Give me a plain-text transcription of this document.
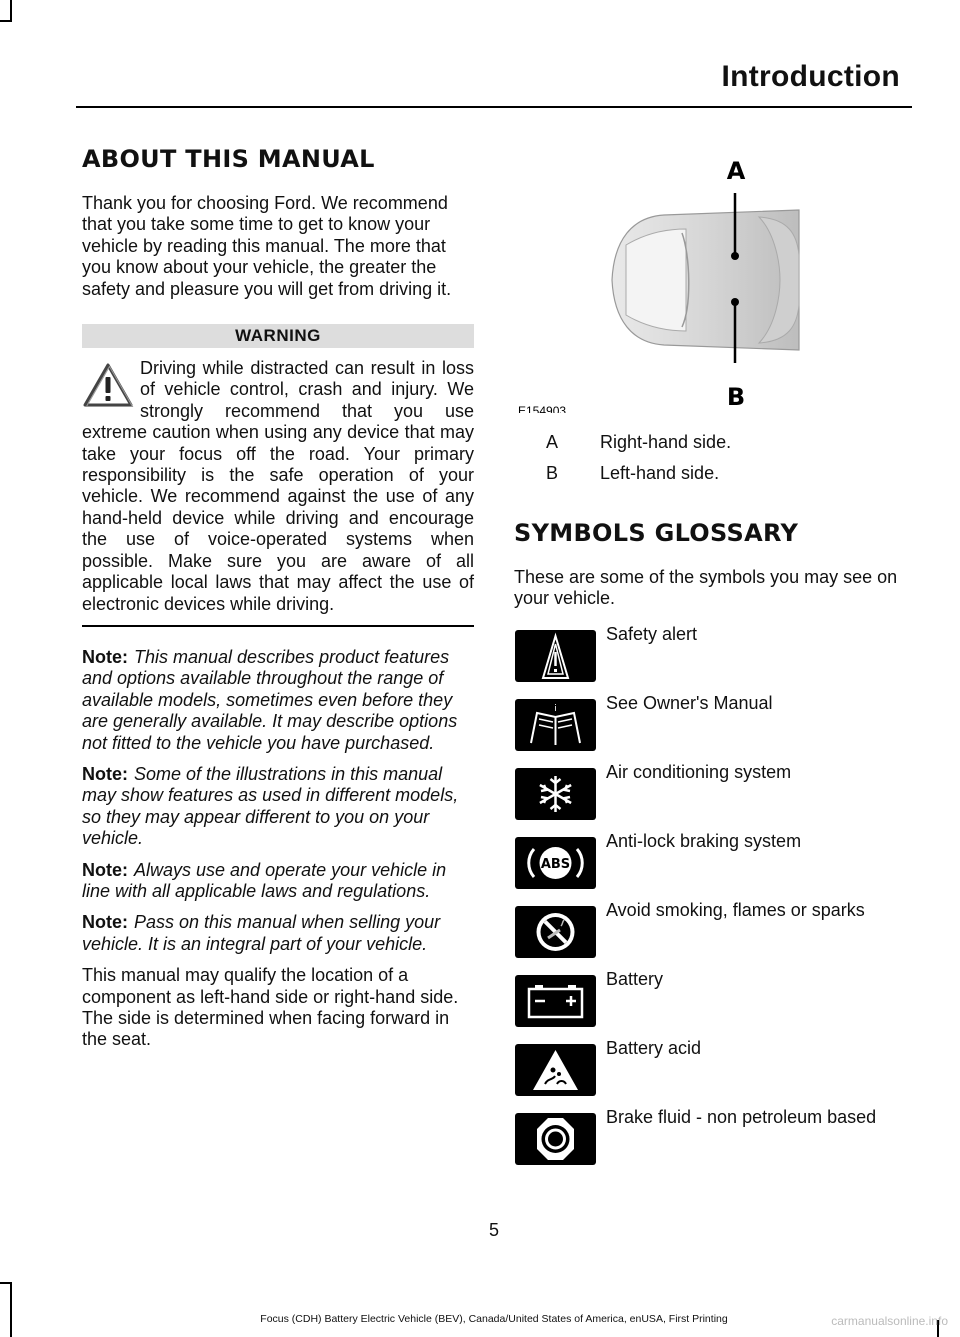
Introduction
ABOUT THIS MANUAL

Thank you for choosing Ford. We recommend that you take some time to get to know your vehicle by reading this manual. The more that you know about your vehicle, the greater the safety and pleasure you will get from driving it.

WARNING
Driving while distracted can result in loss of vehicle control, crash and injury. We strongly recommend that you use extreme caution when using any device that may take your focus off the road. Your primary responsibility is the safe operation of your vehicle. We recommend against the use of any hand-held device while driving and encourage the use of voice-operated systems when possible. Make sure you are aware of all applicable local laws that may affect the use of electronic devices while driving.
Note: This manual describes product features and options available throughout the range of available models, sometimes even before they are generally available. It may describe options not fitted to the vehicle you have purchased.
Note: Some of the illustrations in this manual may show features as used in different models, so they may appear different to you on your vehicle.
Note: Always use and operate your vehicle in line with all applicable laws and regulations.
Note: Pass on this manual when selling your vehicle. It is an integral part of your vehicle.

This manual may qualify the location of a component as left-hand side or right-hand side. The side is determined when facing forward in the seat.

A
B
E154903
A	Right-hand side.
B	Left-hand side.
SYMBOLS GLOSSARY

These are some of the symbols you may see on your vehicle.

Safety alert
i	See Owner's Manual
Air conditioning system
ABS
Anti-lock braking system
Avoid smoking, flames or sparks
Battery
Battery acid
Brake fluid - non petroleum based
5
Focus (CDH) Battery Electric Vehicle (BEV), Canada/United States of America, enUSA, First Printing	carmanualsonline.info
